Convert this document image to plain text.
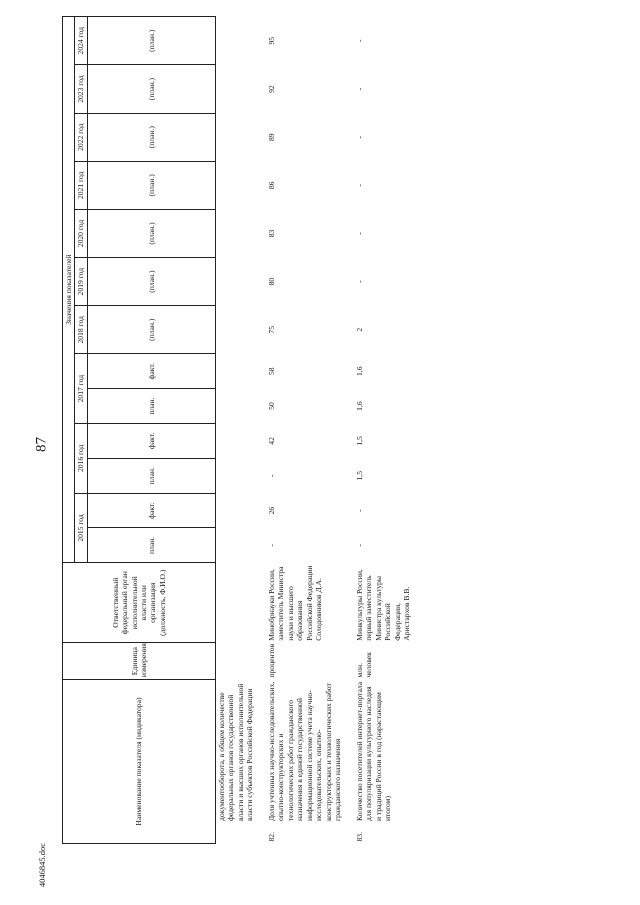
87
Наименование показателя (индикатора)		Единица измерения	Ответственный федеральный орган исполнительной власти или организация (должность, Ф.И.О.)	Значения показателей												
				2015 год		2016 год		2017 год		2018 год	2019 год	2020 год	2021 год	2022 год	2023 год	2024 год
				план.	факт.	план.	факт.	план.	факт.	(план.)	(план.)	(план.)	(план.)	(план.)	(план.)	(план.)
	документооборота, в общем количестве федеральных органов государственной власти и высших органов исполнительной власти субъектов Российской Федерации															

82.	Доля учтенных научно-исследовательских, опытно-конструкторских и технологических работ гражданского назначения в единой государственной информационной системе учета научно-исследовательских, опытно-конструкторских и технологических работ гражданского назначения	процентов	Минобрнауки России, заместитель Министра науки и высшего образования Российской Федерации Солодовников Д.А.	-	26	-	42	50	58	75	80	83	86	89	92	95

83.	Количество посетителей интернет-портала для популяризации культурного наследия и традиций России в год (нарастающим итогом)	млн. человек	Минкультуры России, первый заместитель Министра культуры Российской Федерации, Аристархов В.В.	-	-	1,5	1,5	1,6	1,6	2	-	-	-	-	-	-
4046845.doc
